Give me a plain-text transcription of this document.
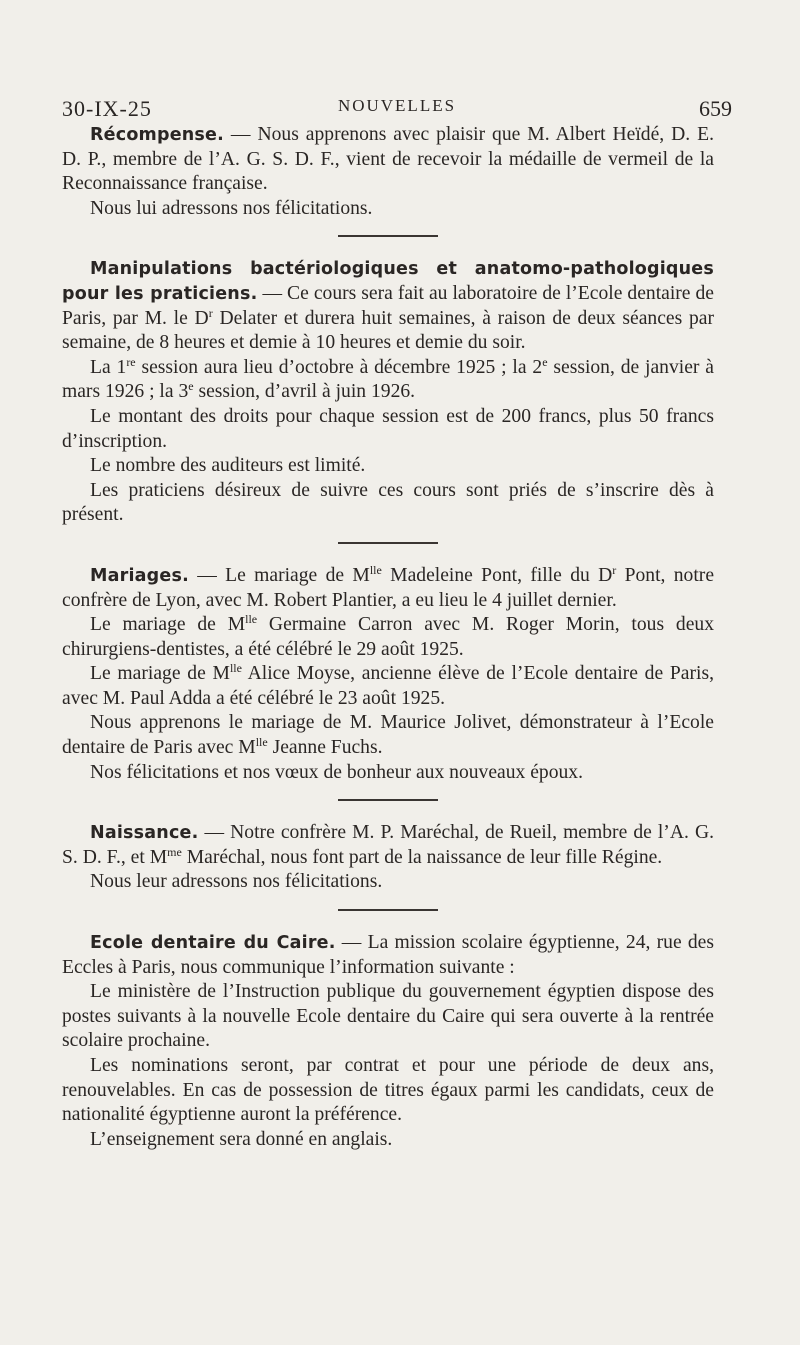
30-IX-25	NOUVELLES	659

Récompense. — Nous apprenons avec plaisir que M. Albert Heïdé, D. E. D. P., membre de l’A. G. S. D. F., vient de recevoir la médaille de vermeil de la Reconnaissance française.

Nous lui adressons nos félicitations.

Manipulations bactériologiques et anatomo-pathologiques pour les praticiens. — Ce cours sera fait au laboratoire de l’Ecole dentaire de Paris, par M. le $D^r$ Delater et durera huit semaines, à raison de deux séances par semaine, de 8 heures et demie à 10 heures et demie du soir.

La 1re session aura lieu d’octobre à décembre 1925 ; la 2e session, de janvier à mars 1926 ; la 3e session, d’avril à juin 1926.

Le montant des droits pour chaque session est de 200 francs, plus 50 francs d’inscription.

Le nombre des auditeurs est limité.

Les praticiens désireux de suivre ces cours sont priés de s’inscrire dès à présent.

Mariages. — Le mariage de $M^{lle}$ Madeleine Pont, fille du $D^r$ Pont, notre confrère de Lyon, avec M. Robert Plantier, a eu lieu le 4 juillet dernier.

Le mariage de $M^{lle}$ Germaine Carron avec M. Roger Morin, tous deux chirurgiens-dentistes, a été célébré le 29 août 1925.

Le mariage de $M^{lle}$ Alice Moyse, ancienne élève de l’Ecole dentaire de Paris, avec M. Paul Adda a été célébré le 23 août 1925.

Nous apprenons le mariage de M. Maurice Jolivet, démonstrateur à l’Ecole dentaire de Paris avec $M^{lle}$ Jeanne Fuchs.

Nos félicitations et nos vœux de bonheur aux nouveaux époux.

Naissance. — Notre confrère M. P. Maréchal, de Rueil, membre de l’A. G. S. D. F., et $M^{me}$ Maréchal, nous font part de la naissance de leur fille Régine.

Nous leur adressons nos félicitations.

Ecole dentaire du Caire. — La mission scolaire égyptienne, 24, rue des Eccles à Paris, nous communique l’information suivante :

Le ministère de l’Instruction publique du gouvernement égyptien dispose des postes suivants à la nouvelle Ecole dentaire du Caire qui sera ouverte à la rentrée scolaire prochaine.

Les nominations seront, par contrat et pour une période de deux ans, renouvelables. En cas de possession de titres égaux parmi les candidats, ceux de nationalité égyptienne auront la préférence.

L’enseignement sera donné en anglais.
